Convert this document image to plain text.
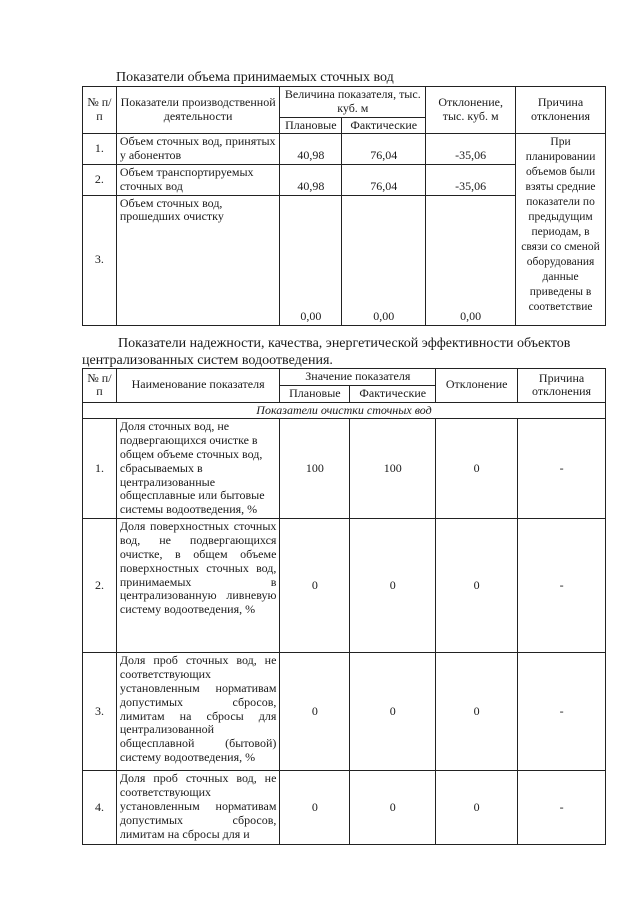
Показатели объема принимаемых сточных вод
№ п/п	Показатели производственной деятельности	Величина показателя, тыс. куб. м		Отклонение, тыс. куб. м	Причина отклонения
		Плановые	Фактические		
1.	Объем сточных вод, принятых у абонентов	40,98	76,04	-35,06	При планировании объемов были взяты средние показатели по предыдущим периодам, в связи со сменой оборудования данные приведены в соответствие
2.	Объем транспортируемых сточных вод	40,98	76,04	-35,06	
3.	Объем сточных вод, прошедших очистку	0,00	0,00	0,00	
Показатели надежности, качества, энергетической эффективности объектов централизованных систем водоотведения.
№ п/п	Наименование показателя	Значение показателя		Отклонение	Причина отклонения
		Плановые	Фактические		
Показатели очистки сточных вод					
1.	Доля сточных вод, не подвергающихся очистке в общем объеме сточных вод, сбрасываемых в централизованные общесплавные или бытовые системы водоотведения, %	100	100	0	-
2.	Доля поверхностных сточных вод, не подвергающихся очистке, в общем объеме поверхностных сточных вод, принимаемых в централизованную ливневую систему водоотведения, %	0	0	0	-
3.	Доля проб сточных вод, не соответствующих установленным нормативам допустимых сбросов, лимитам на сбросы для централизованной общесплавной (бытовой) систему водоотведения, %	0	0	0	-
4.	Доля проб сточных вод, не соответствующих установленным нормативам допустимых сбросов, лимитам на сбросы для и	0	0	0	-
